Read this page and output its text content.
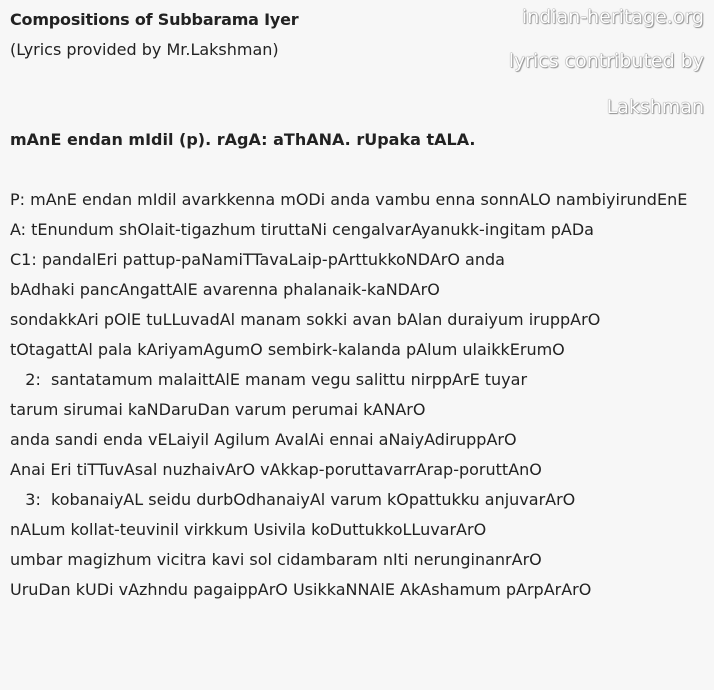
Compositions of Subbarama Iyer
(Lyrics provided by Mr.Lakshman)
indian-heritage.org
lyrics contributed by
Lakshman
mAnE endan mIdil (p). rAgA: aThANA. rUpaka tALA.
P: mAnE endan mIdil avarkkenna mODi anda vambu enna sonnALO nambiyirundEnE
A: tEnundum shOlait-tigazhum tiruttaNi cengalvarAyanukk-ingitam pADa
C1: pandalEri pattup-paNamiTTavaLaip-pArttukkoNDArO anda
bAdhaki pancAngattAlE avarenna phalanaik-kaNDArO
sondakkAri pOlE tuLLuvadAl manam sokki avan bAlan duraiyum iruppArO
tOtagattAl pala kAriyamAgumO sembirk-kalanda pAlum ulaikkErumO
2:  santatamum malaittAlE manam vegu salittu nirppArE tuyar
tarum sirumai kaNDaruDan varum perumai kANArO
anda sandi enda vELaiyil Agilum AvalAi ennai aNaiyAdiruppArO
Anai Eri tiTTuvAsal nuzhaivArO vAkkap-poruttavarrArap-poruttAnO
3:  kobanaiyAL seidu durbOdhanaiyAl varum kOpattukku anjuvarArO
nALum kollat-teuvinil virkkum Usivila koDuttukkoLLuvarArO
umbar magizhum vicitra kavi sol cidambaram nIti nerunginanrArO
UruDan kUDi vAzhndu pagaippArO UsikkaNNAlE AkAshamum pArpArArO
